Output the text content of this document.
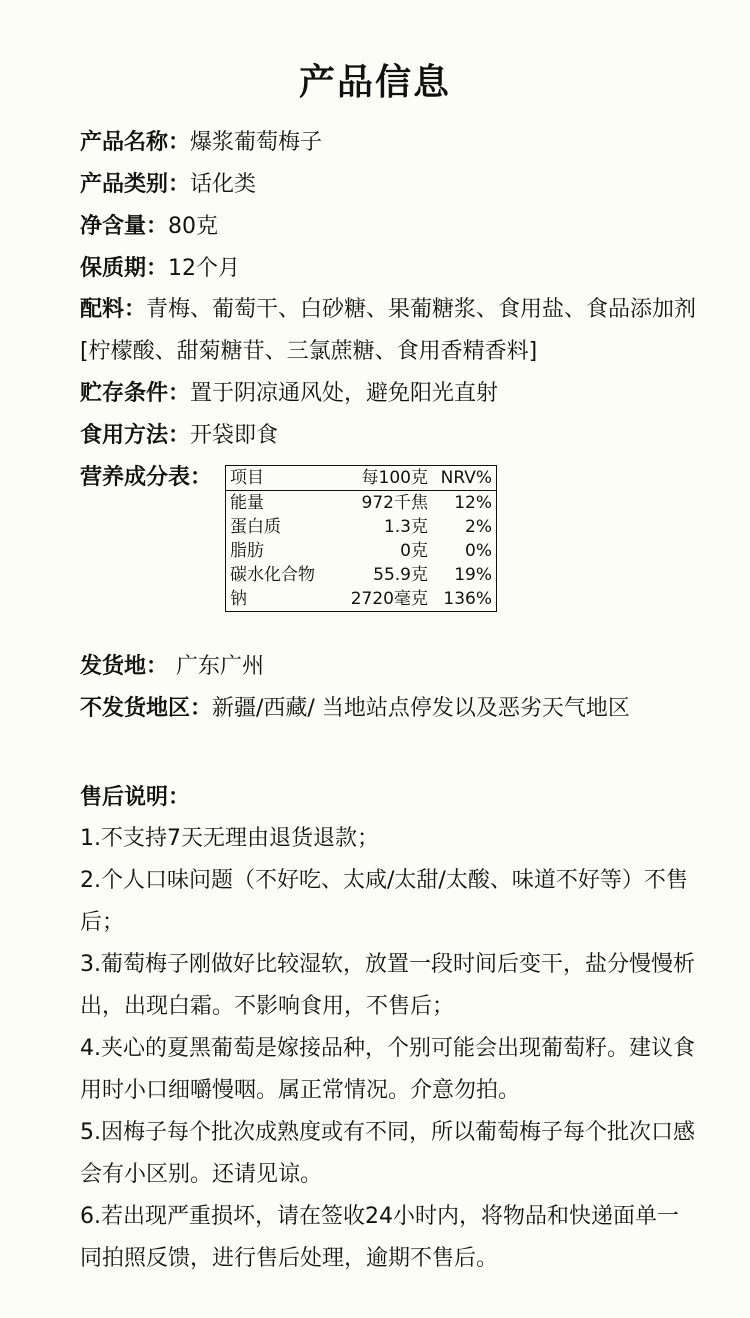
产品信息
产品名称：爆浆葡萄梅子
产品类别：话化类
净含量：80克
保质期：12个月
配料：青梅、葡萄干、白砂糖、果葡糖浆、食用盐、食品添加剂[柠檬酸、甜菊糖苷、三氯蔗糖、食用香精香料]
贮存条件：置于阴凉通风处，避免阳光直射
食用方法：开袋即食
营养成分表： 项目	每100克	NRV%
能量	972千焦	12%
蛋白质	1.3克	2%
脂肪	0克	0%
碳水化合物	55.9克	19%
钠	2720毫克	136%
发货地： 广东广州
不发货地区：新疆/西藏/ 当地站点停发以及恶劣天气地区
售后说明：
1.不支持7天无理由退货退款；
2.个人口味问题（不好吃、太咸/太甜/太酸、味道不好等）不售后；
3.葡萄梅子刚做好比较湿软，放置一段时间后变干，盐分慢慢析出，出现白霜。不影响食用，不售后；
4.夹心的夏黑葡萄是嫁接品种，个别可能会出现葡萄籽。建议食用时小口细嚼慢咽。属正常情况。介意勿拍。
5.因梅子每个批次成熟度或有不同，所以葡萄梅子每个批次口感会有小区别。还请见谅。
6.若出现严重损坏，请在签收24小时内，将物品和快递面单一同拍照反馈，进行售后处理，逾期不售后。
